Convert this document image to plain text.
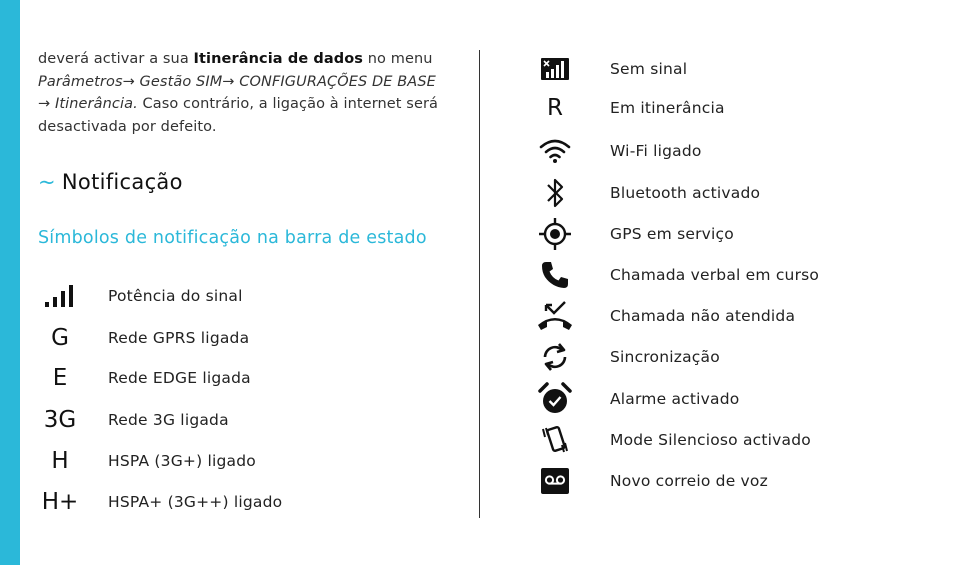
deverá activar a sua Itinerância de dados no menu
Parâmetros→ Gestão SIM→ CONFIGURAÇÕES DE BASE
→ Itinerância. Caso contrário, a ligação à internet será desactivada por defeito.
~ Notificação
Símbolos de notificação na barra de estado
Potência do sinal
G	Rede GPRS ligada
E	Rede EDGE ligada
3G Rede 3G ligada
H	HSPA (3G+) ligado
H+ HSPA+ (3G++) ligado
Sem sinal
R	Em itinerância
Wi-Fi ligado
Bluetooth activado
GPS em serviço
Chamada verbal em curso
Chamada não atendida
Sincronização
Alarme activado
Mode Silencioso activado
Novo correio de voz
